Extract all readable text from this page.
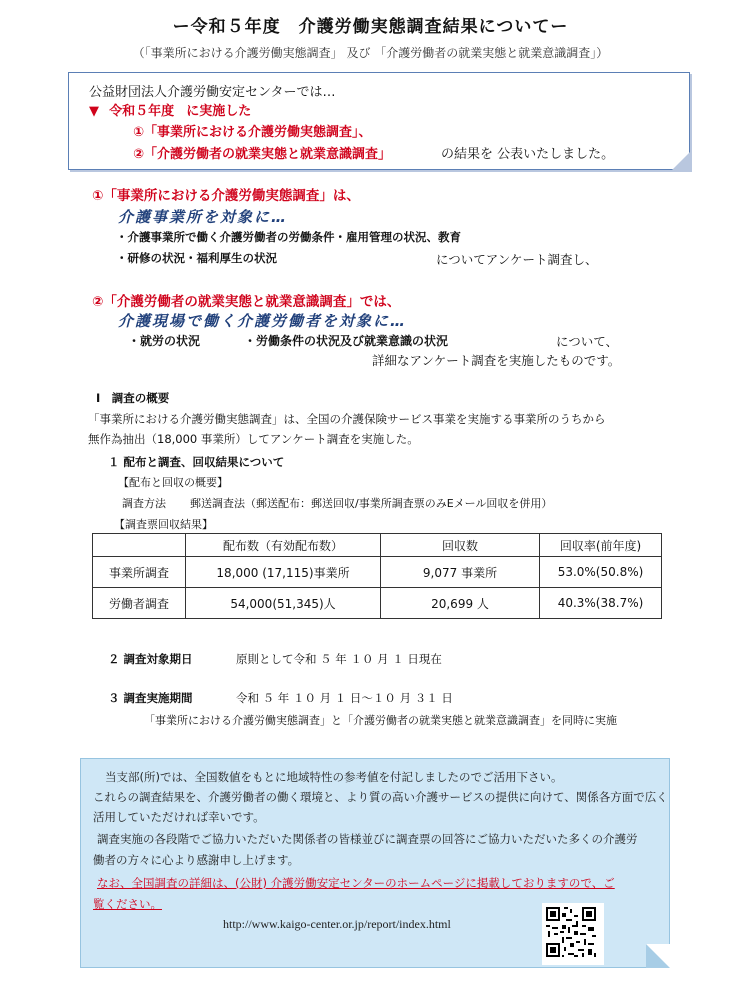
ー令和５年度　介護労働実態調査結果についてー
（「事業所における介護労働実態調査」 及び 「介護労働者の就業実態と就業意識調査」）
公益財団法人介護労働安定センターでは…
▼ 令和５年度 に実施した
①「事業所における介護労働実態調査」、
②「介護労働者の就業実態と就業意識調査」	の結果を 公表いたしました。
①「事業所における介護労働実態調査」は、
介護事業所を対象に…
・介護事業所で働く介護労働者の労働条件・雇用管理の状況、教育
・研修の状況・福利厚生の状況	についてアンケート調査し、
②「介護労働者の就業実態と就業意識調査」では、
介護現場で働く介護労働者を対象に…
・就労の状況	・労働条件の状況及び就業意識の状況	について、
詳細なアンケート調査を実施したものです。
Ⅰ　調査の概要
「事業所における介護労働実態調査」は、全国の介護保険サービス事業を実施する事業所のうちから
無作為抽出（18,000 事業所）してアンケート調査を実施した。
１ 配布と調査、回収結果について
【配布と回収の概要】
調査方法 郵送調査法（郵送配布：郵送回収/事業所調査票のみEメール回収を併用）
【調査票回収結果】
	配布数（有効配布数）	回収数	回収率(前年度)
事業所調査	18,000 (17,115)事業所	9,077 事業所	53.0%(50.8%)
労働者調査	54,000(51,345)人	20,699 人	40.3%(38.7%)
２ 調査対象期日	原則として令和 ５ 年 １０ 月 １ 日現在
３ 調査実施期間	令和 ５ 年 １０ 月 １ 日〜１０ 月 ３１ 日
「事業所における介護労働実態調査」と「介護労働者の就業実態と就業意識調査」を同時に実施
当支部(所)では、全国数値をもとに地域特性の参考値を付記しましたのでご活用下さい。
これらの調査結果を、介護労働者の働く環境と、より質の高い介護サービスの提供に向けて、関係各方面で広く
活用していただければ幸いです。
調査実施の各段階でご協力いただいた関係者の皆様並びに調査票の回答にご協力いただいた多くの介護労
働者の方々に心より感謝申し上げます。
なお、全国調査の詳細は、(公財) 介護労働安定センターのホームページに掲載しておりますので、ご
覧ください。
http://www.kaigo-center.or.jp/report/index.html
